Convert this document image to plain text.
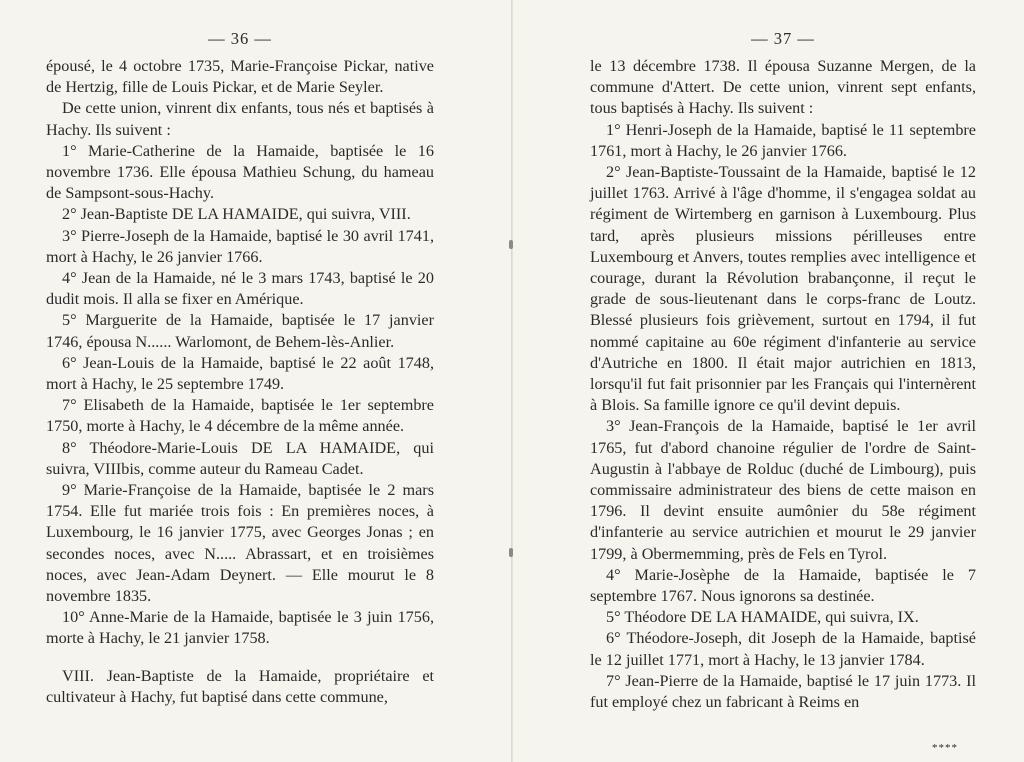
— 36 —

épousé, le 4 octobre 1735, Marie-Françoise Pickar, native de Hertzig, fille de Louis Pickar, et de Marie Seyler.

De cette union, vinrent dix enfants, tous nés et baptisés à Hachy. Ils suivent :

1° Marie-Catherine de la Hamaide, baptisée le 16 novembre 1736. Elle épousa Mathieu Schung, du hameau de Sampsont-sous-Hachy.

2° Jean-Baptiste DE LA HAMAIDE, qui suivra, VIII.

3° Pierre-Joseph de la Hamaide, baptisé le 30 avril 1741, mort à Hachy, le 26 janvier 1766.

4° Jean de la Hamaide, né le 3 mars 1743, baptisé le 20 dudit mois. Il alla se fixer en Amérique.

5° Marguerite de la Hamaide, baptisée le 17 janvier 1746, épousa N...... Warlomont, de Behem-lès-Anlier.

6° Jean-Louis de la Hamaide, baptisé le 22 août 1748, mort à Hachy, le 25 septembre 1749.

7° Elisabeth de la Hamaide, baptisée le 1er septembre 1750, morte à Hachy, le 4 décembre de la même année.

8° Théodore-Marie-Louis DE LA HAMAIDE, qui suivra, VIIIbis, comme auteur du Rameau Cadet.

9° Marie-Françoise de la Hamaide, baptisée le 2 mars 1754. Elle fut mariée trois fois : En premières noces, à Luxembourg, le 16 janvier 1775, avec Georges Jonas ; en secondes noces, avec N..... Abrassart, et en troisièmes noces, avec Jean-Adam Deynert. — Elle mourut le 8 novembre 1835.

10° Anne-Marie de la Hamaide, baptisée le 3 juin 1756, morte à Hachy, le 21 janvier 1758.

VIII. Jean-Baptiste de la Hamaide, propriétaire et cultivateur à Hachy, fut baptisé dans cette commune,

— 37 —

le 13 décembre 1738. Il épousa Suzanne Mergen, de la commune d'Attert. De cette union, vinrent sept enfants, tous baptisés à Hachy. Ils suivent :

1° Henri-Joseph de la Hamaide, baptisé le 11 septembre 1761, mort à Hachy, le 26 janvier 1766.

2° Jean-Baptiste-Toussaint de la Hamaide, baptisé le 12 juillet 1763. Arrivé à l'âge d'homme, il s'engagea soldat au régiment de Wirtemberg en garnison à Luxembourg. Plus tard, après plusieurs missions périlleuses entre Luxembourg et Anvers, toutes remplies avec intelligence et courage, durant la Révolution brabançonne, il reçut le grade de sous-lieutenant dans le corps-franc de Loutz. Blessé plusieurs fois grièvement, surtout en 1794, il fut nommé capitaine au 60e régiment d'infanterie au service d'Autriche en 1800. Il était major autrichien en 1813, lorsqu'il fut fait prisonnier par les Français qui l'internèrent à Blois. Sa famille ignore ce qu'il devint depuis.

3° Jean-François de la Hamaide, baptisé le 1er avril 1765, fut d'abord chanoine régulier de l'ordre de Saint-Augustin à l'abbaye de Rolduc (duché de Limbourg), puis commissaire administrateur des biens de cette maison en 1796. Il devint ensuite aumônier du 58e régiment d'infanterie au service autrichien et mourut le 29 janvier 1799, à Obermemming, près de Fels en Tyrol.

4° Marie-Josèphe de la Hamaide, baptisée le 7 septembre 1767. Nous ignorons sa destinée.

5° Théodore DE LA HAMAIDE, qui suivra, IX.

6° Théodore-Joseph, dit Joseph de la Hamaide, baptisé le 12 juillet 1771, mort à Hachy, le 13 janvier 1784.

7° Jean-Pierre de la Hamaide, baptisé le 17 juin 1773. Il fut employé chez un fabricant à Reims en

****
